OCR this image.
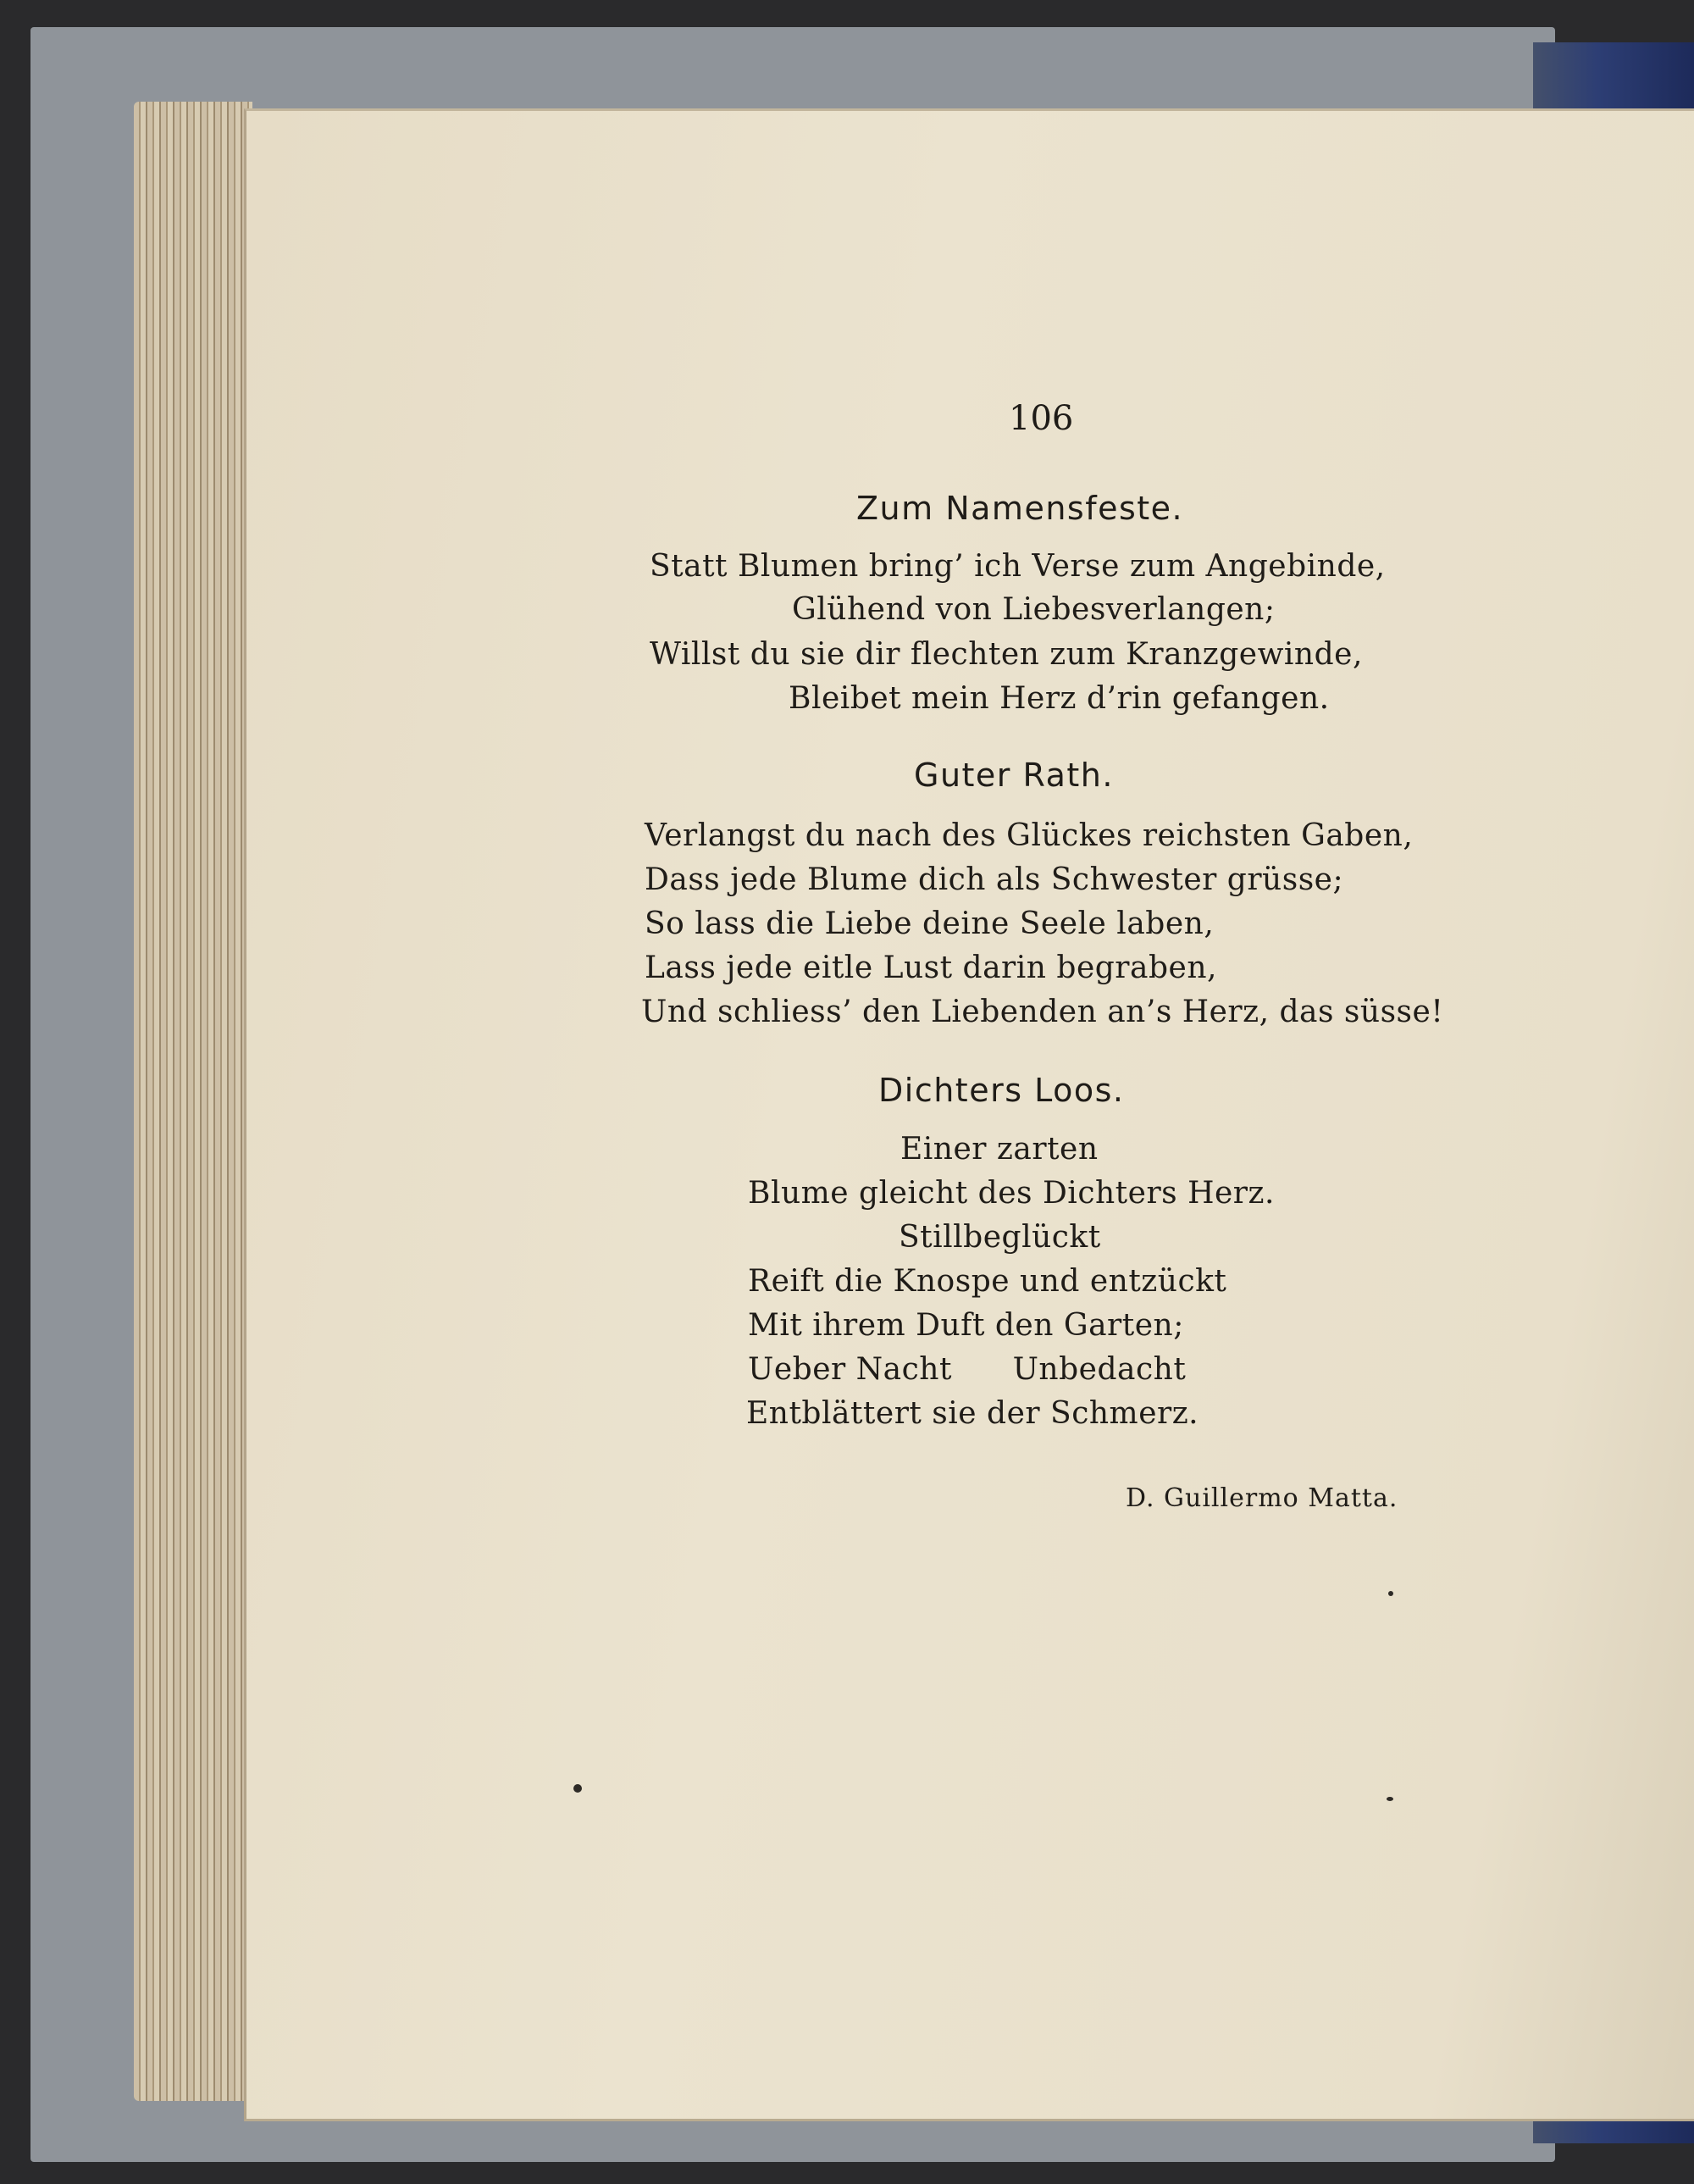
106
Zum Namensfeste.
Statt Blumen bring’ ich Verse zum Angebinde,
Glühend von Liebesverlangen;
Willst du sie dir flechten zum Kranzgewinde,
Bleibet mein Herz d’rin gefangen.
Guter Rath.
Verlangst du nach des Glückes reichsten Gaben,
Dass jede Blume dich als Schwester grüsse;
So lass die Liebe deine Seele laben,
Lass jede eitle Lust darin begraben,
Und schliess’ den Liebenden an’s Herz, das süsse!
Dichters Loos.
Einer zarten
Blume gleicht des Dichters Herz.
Stillbeglückt
Reift die Knospe und entzückt
Mit ihrem Duft den Garten;
Ueber Nacht      Unbedacht
Entblättert sie der Schmerz.
D. Guillermo Matta.
